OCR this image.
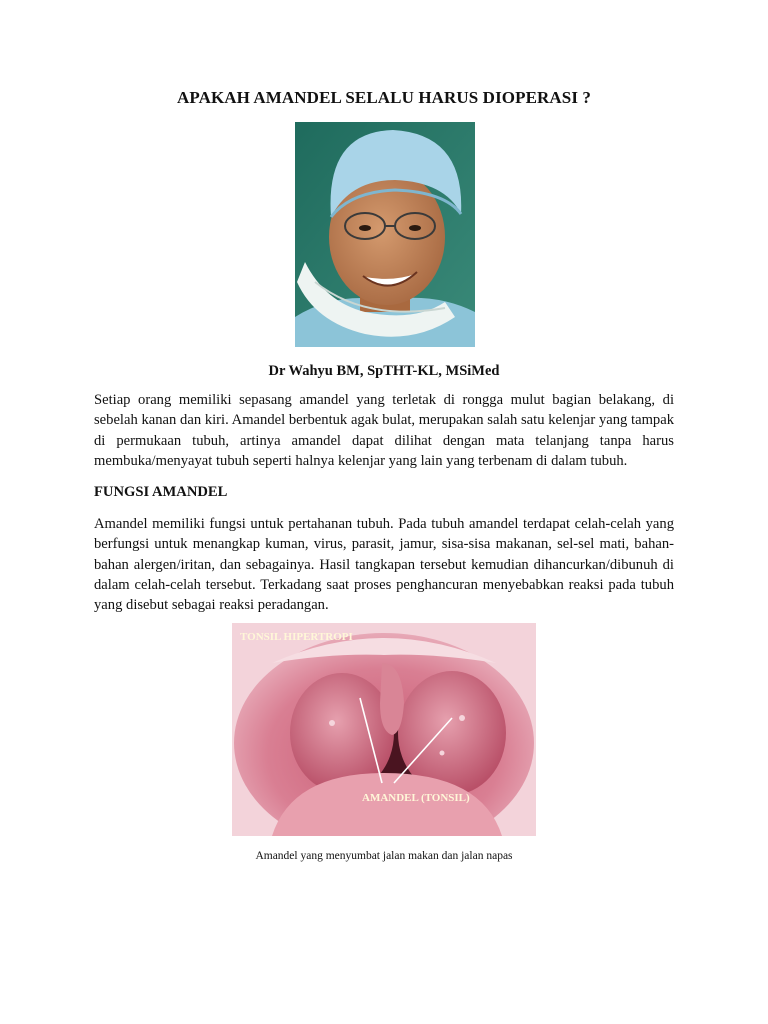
APAKAH AMANDEL SELALU HARUS DIOPERASI ?
Dr Wahyu BM, SpTHT-KL, MSiMed

Setiap orang memiliki sepasang amandel yang terletak di rongga mulut bagian belakang, di sebelah kanan dan kiri. Amandel berbentuk agak bulat, merupakan salah satu kelenjar yang tampak di permukaan tubuh, artinya amandel dapat dilihat dengan mata telanjang tanpa harus membuka/menyayat tubuh seperti halnya kelenjar yang lain yang terbenam di dalam tubuh.

FUNGSI AMANDEL

Amandel memiliki fungsi untuk pertahanan tubuh. Pada tubuh amandel terdapat celah-celah yang berfungsi untuk menangkap kuman, virus, parasit, jamur, sisa-sisa makanan, sel-sel mati, bahan-bahan alergen/iritan, dan sebagainya. Hasil tangkapan tersebut kemudian dihancurkan/dibunuh di dalam celah-celah tersebut. Terkadang saat proses penghancuran menyebabkan reaksi pada tubuh yang disebut sebagai reaksi peradangan.

TONSIL HIPERTROPI
AMANDEL (TONSIL)
Amandel yang menyumbat jalan makan dan jalan napas
